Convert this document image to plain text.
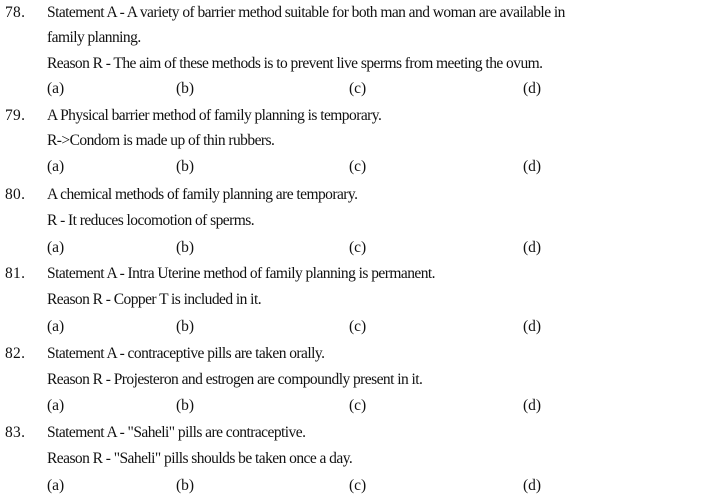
78. Statement A - A variety of barrier method suitable for both man and woman are available in
family planning.
Reason R - The aim of these methods is to prevent live sperms from meeting the ovum.
(a)	(b)	(c)	(d)
79. A Physical barrier method of family planning is temporary.
R->Condom is made up of thin rubbers.
(a)	(b)	(c)	(d)
80. A chemical methods of family planning are temporary.
R - It reduces locomotion of sperms.
(a)	(b)	(c)	(d)
81. Statement A - Intra Uterine method of family planning is permanent.
Reason R - Copper T is included in it.
(a)	(b)	(c)	(d)
82. Statement A - contraceptive pills are taken orally.
Reason R - Projesteron and estrogen are compoundly present in it.
(a)	(b)	(c)	(d)
83. Statement A - "Saheli" pills are contraceptive.
Reason R - "Saheli" pills shoulds be taken once a day.
(a)	(b)	(c)	(d)
